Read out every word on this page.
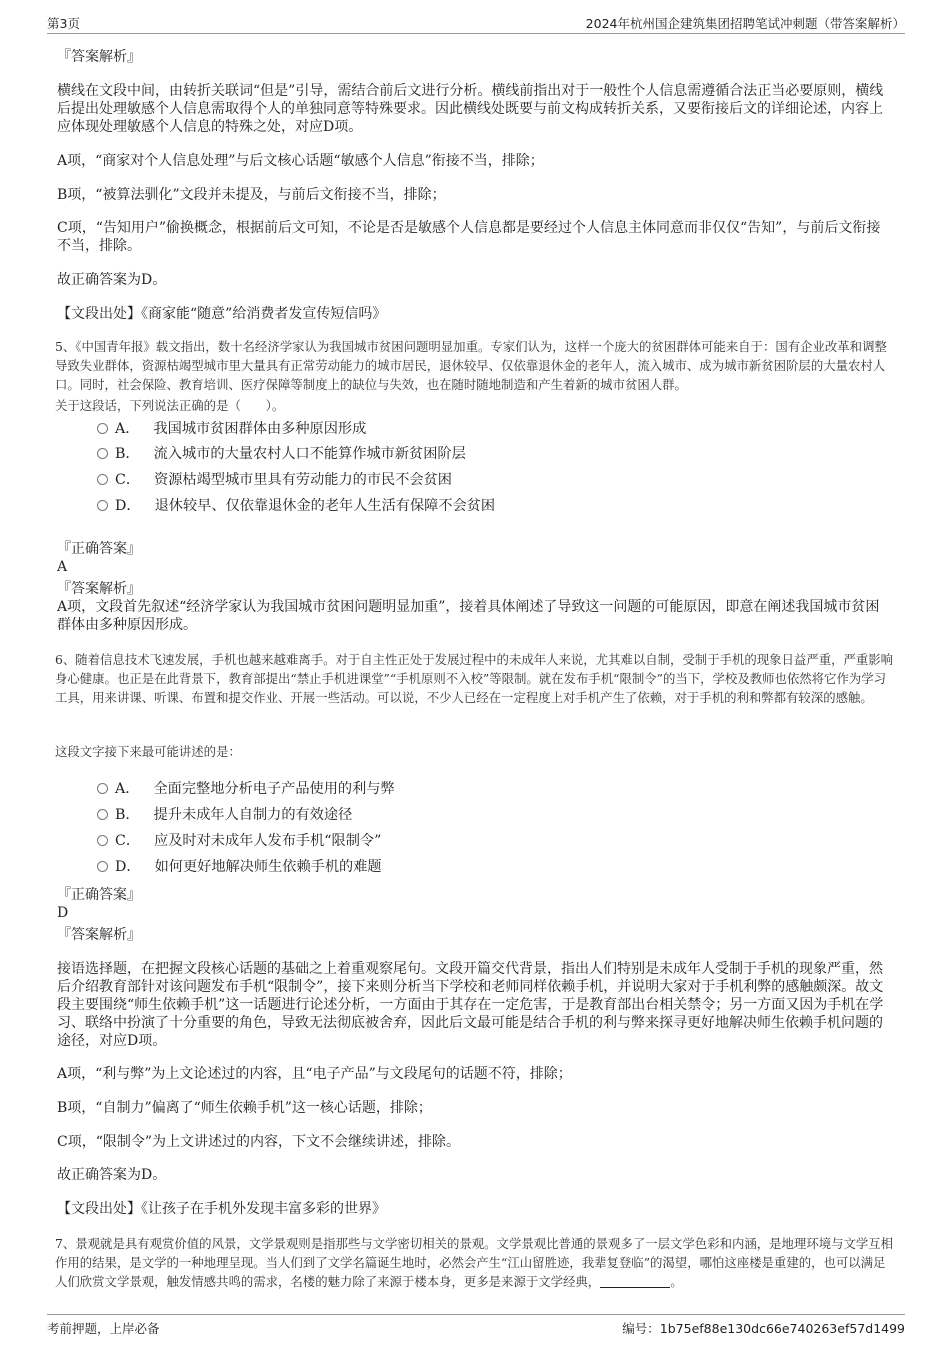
第3页	2024年杭州国企建筑集团招聘笔试冲刺题（带答案解析）
『答案解析』
横线在文段中间，由转折关联词“但是”引导，需结合前后文进行分析。横线前指出对于一般性个人信息需遵循合法正当必要原则，横线后提出处理敏感个人信息需取得个人的单独同意等特殊要求。因此横线处既要与前文构成转折关系，又要衔接后文的详细论述，内容上应体现处理敏感个人信息的特殊之处，对应D项。
A项，“商家对个人信息处理”与后文核心话题“敏感个人信息”衔接不当，排除；
B项，“被算法驯化”文段并未提及，与前后文衔接不当，排除；
C项，“告知用户”偷换概念，根据前后文可知，不论是否是敏感个人信息都是要经过个人信息主体同意而非仅仅“告知”，与前后文衔接不当，排除。
故正确答案为D。
【文段出处】《商家能“随意”给消费者发宣传短信吗》
5、《中国青年报》载文指出，数十名经济学家认为我国城市贫困问题明显加重。专家们认为，这样一个庞大的贫困群体可能来自于：国有企业改革和调整导致失业群体，资源枯竭型城市里大量具有正常劳动能力的城市居民，退休较早、仅依靠退休金的老年人，流入城市、成为城市新贫困阶层的大量农村人口。同时，社会保险、教育培训、医疗保障等制度上的缺位与失效，也在随时随地制造和产生着新的城市贫困人群。
关于这段话，下列说法正确的是（　　）。
A． 我国城市贫困群体由多种原因形成
B． 流入城市的大量农村人口不能算作城市新贫困阶层
C． 资源枯竭型城市里具有劳动能力的市民不会贫困
D． 退休较早、仅依靠退休金的老年人生活有保障不会贫困
『正确答案』
A
『答案解析』
A项，文段首先叙述“经济学家认为我国城市贫困问题明显加重”，接着具体阐述了导致这一问题的可能原因，即意在阐述我国城市贫困群体由多种原因形成。
6、随着信息技术飞速发展，手机也越来越难离手。对于自主性正处于发展过程中的未成年人来说，尤其难以自制，受制于手机的现象日益严重，严重影响身心健康。也正是在此背景下，教育部提出“禁止手机进课堂”“手机原则不入校”等限制。就在发布手机“限制令”的当下，学校及教师也依然将它作为学习工具，用来讲课、听课、布置和提交作业、开展一些活动。可以说，不少人已经在一定程度上对手机产生了依赖，对于手机的利和弊都有较深的感触。
这段文字接下来最可能讲述的是：
A． 全面完整地分析电子产品使用的利与弊
B． 提升未成年人自制力的有效途径
C． 应及时对未成年人发布手机“限制令”
D． 如何更好地解决师生依赖手机的难题
『正确答案』
D
『答案解析』
接语选择题，在把握文段核心话题的基础之上着重观察尾句。文段开篇交代背景，指出人们特别是未成年人受制于手机的现象严重，然后介绍教育部针对该问题发布手机“限制令”，接下来则分析当下学校和老师同样依赖手机，并说明大家对于手机利弊的感触颇深。故文段主要围绕“师生依赖手机”这一话题进行论述分析，一方面由于其存在一定危害，于是教育部出台相关禁令；另一方面又因为手机在学习、联络中扮演了十分重要的角色，导致无法彻底被舍弃，因此后文最可能是结合手机的利与弊来探寻更好地解决师生依赖手机问题的途径，对应D项。
A项，“利与弊”为上文论述过的内容，且“电子产品”与文段尾句的话题不符，排除；
B项，“自制力”偏离了“师生依赖手机”这一核心话题，排除；
C项，“限制令”为上文讲述过的内容，下文不会继续讲述，排除。
故正确答案为D。
【文段出处】《让孩子在手机外发现丰富多彩的世界》
7、景观就是具有观赏价值的风景，文学景观则是指那些与文学密切相关的景观。文学景观比普通的景观多了一层文学色彩和内涵，是地理环境与文学互相作用的结果，是文学的一种地理呈现。当人们到了文学名篇诞生地时，必然会产生“江山留胜迹，我辈复登临”的渴望，哪怕这座楼是重建的，也可以满足人们欣赏文学景观，触发情感共鸣的需求，名楼的魅力除了来源于楼本身，更多是来源于文学经典，	。
考前押题，上岸必备	编号：1b75ef88e130dc66e740263ef57d1499
